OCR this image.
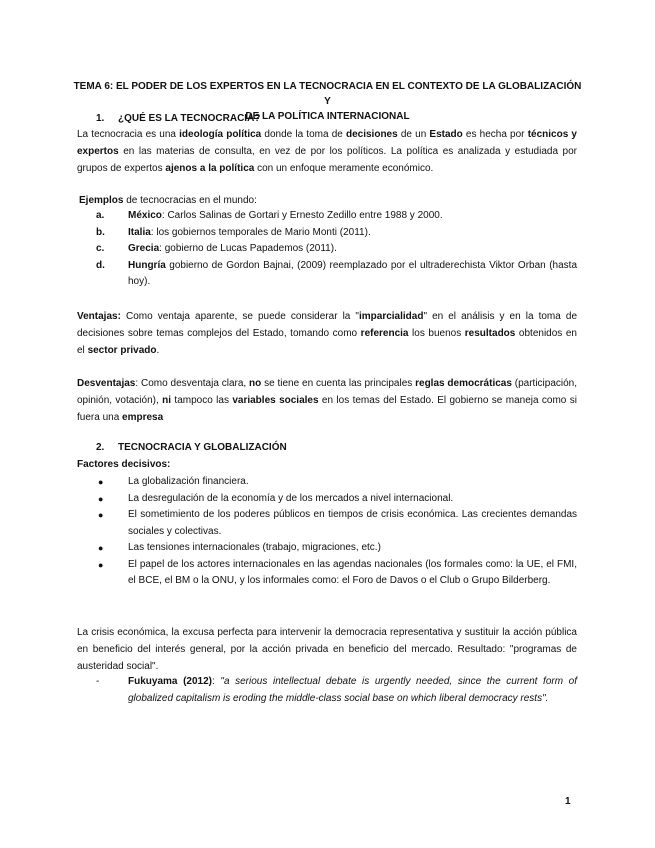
TEMA 6: EL PODER DE LOS EXPERTOS EN LA TECNOCRACIA EN EL CONTEXTO DE LA GLOBALIZACIÓN Y
DE LA POLÍTICA INTERNACIONAL
1. ¿QUÉ ES LA TECNOCRACIA?
La tecnocracia es una ideología política donde la toma de decisiones de un Estado es hecha por técnicos y expertos en las materias de consulta, en vez de por los políticos. La política es analizada y estudiada por grupos de expertos ajenos a la política con un enfoque meramente económico.
Ejemplos de tecnocracias en el mundo:
a.	México: Carlos Salinas de Gortari y Ernesto Zedillo entre 1988 y 2000.
b.	Italia: los gobiernos temporales de Mario Monti (2011).
c.	Grecia: gobierno de Lucas Papademos (2011).
d.	Hungría gobierno de Gordon Bajnai, (2009) reemplazado por el ultraderechista Viktor Orban (hasta hoy).
Ventajas: Como ventaja aparente, se puede considerar la "imparcialidad" en el análisis y en la toma de decisiones sobre temas complejos del Estado, tomando como referencia los buenos resultados obtenidos en el sector privado.
Desventajas: Como desventaja clara, no se tiene en cuenta las principales reglas democráticas (participación, opinión, votación), ni tampoco las variables sociales en los temas del Estado. El gobierno se maneja como si fuera una empresa
2. TECNOCRACIA Y GLOBALIZACIÓN
Factores decisivos:
●	La globalización financiera.
●	La desregulación de la economía y de los mercados a nivel internacional.
●	El sometimiento de los poderes públicos en tiempos de crisis económica. Las crecientes demandas sociales y colectivas.
●	Las tensiones internacionales (trabajo, migraciones, etc.)
●	El papel de los actores internacionales en las agendas nacionales (los formales como: la UE, el FMI, el BCE, el BM o la ONU, y los informales como: el Foro de Davos o el Club o Grupo Bilderberg.
La crisis económica, la excusa perfecta para intervenir la democracia representativa y sustituir la acción pública en beneficio del interés general, por la acción privada en beneficio del mercado. Resultado: "programas de austeridad social".
-	Fukuyama (2012): "a serious intellectual debate is urgently needed, since the current form of globalized capitalism is eroding the middle-class social base on which liberal democracy rests".
1
